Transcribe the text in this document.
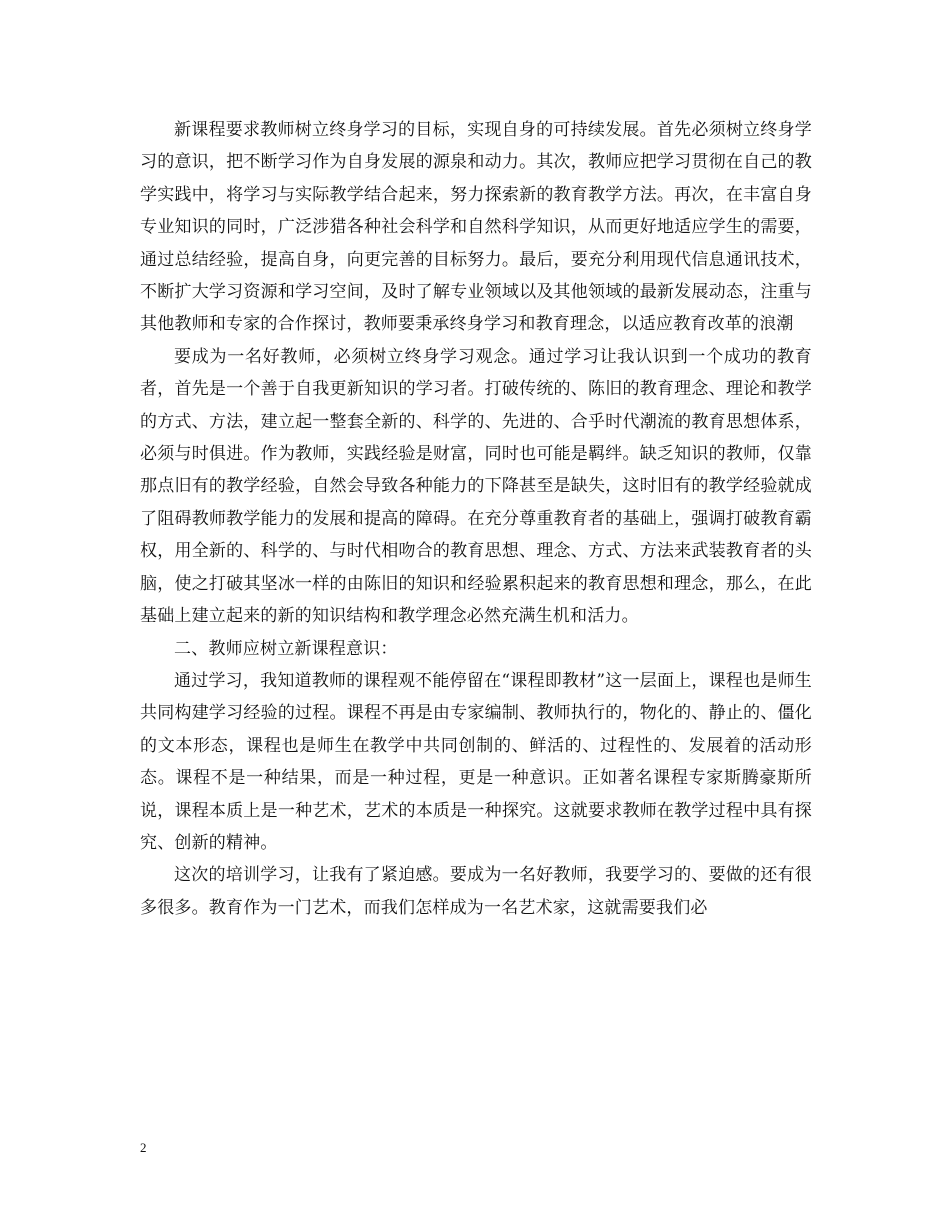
新课程要求教师树立终身学习的目标，实现自身的可持续发展。首先必须树立终身学习的意识，把不断学习作为自身发展的源泉和动力。其次，教师应把学习贯彻在自己的教学实践中，将学习与实际教学结合起来，努力探索新的教育教学方法。再次，在丰富自身专业知识的同时，广泛涉猎各种社会科学和自然科学知识，从而更好地适应学生的需要，通过总结经验，提高自身，向更完善的目标努力。最后，要充分利用现代信息通讯技术，不断扩大学习资源和学习空间，及时了解专业领域以及其他领域的最新发展动态，注重与其他教师和专家的合作探讨，教师要秉承终身学习和教育理念，以适应教育改革的浪潮

要成为一名好教师，必须树立终身学习观念。通过学习让我认识到一个成功的教育者，首先是一个善于自我更新知识的学习者。打破传统的、陈旧的教育理念、理论和教学的方式、方法，建立起一整套全新的、科学的、先进的、合乎时代潮流的教育思想体系，必须与时俱进。作为教师，实践经验是财富，同时也可能是羁绊。缺乏知识的教师，仅靠那点旧有的教学经验，自然会导致各种能力的下降甚至是缺失，这时旧有的教学经验就成了阻碍教师教学能力的发展和提高的障碍。在充分尊重教育者的基础上，强调打破教育霸权，用全新的、科学的、与时代相吻合的教育思想、理念、方式、方法来武装教育者的头脑，使之打破其坚冰一样的由陈旧的知识和经验累积起来的教育思想和理念，那么，在此基础上建立起来的新的知识结构和教学理念必然充满生机和活力。

二、教师应树立新课程意识：

通过学习，我知道教师的课程观不能停留在“课程即教材”这一层面上，课程也是师生共同构建学习经验的过程。课程不再是由专家编制、教师执行的，物化的、静止的、僵化的文本形态，课程也是师生在教学中共同创制的、鲜活的、过程性的、发展着的活动形态。课程不是一种结果，而是一种过程，更是一种意识。正如著名课程专家斯腾豪斯所说，课程本质上是一种艺术，艺术的本质是一种探究。这就要求教师在教学过程中具有探究、创新的精神。

这次的培训学习，让我有了紧迫感。要成为一名好教师，我要学习的、要做的还有很多很多。教育作为一门艺术，而我们怎样成为一名艺术家，这就需要我们必

2
